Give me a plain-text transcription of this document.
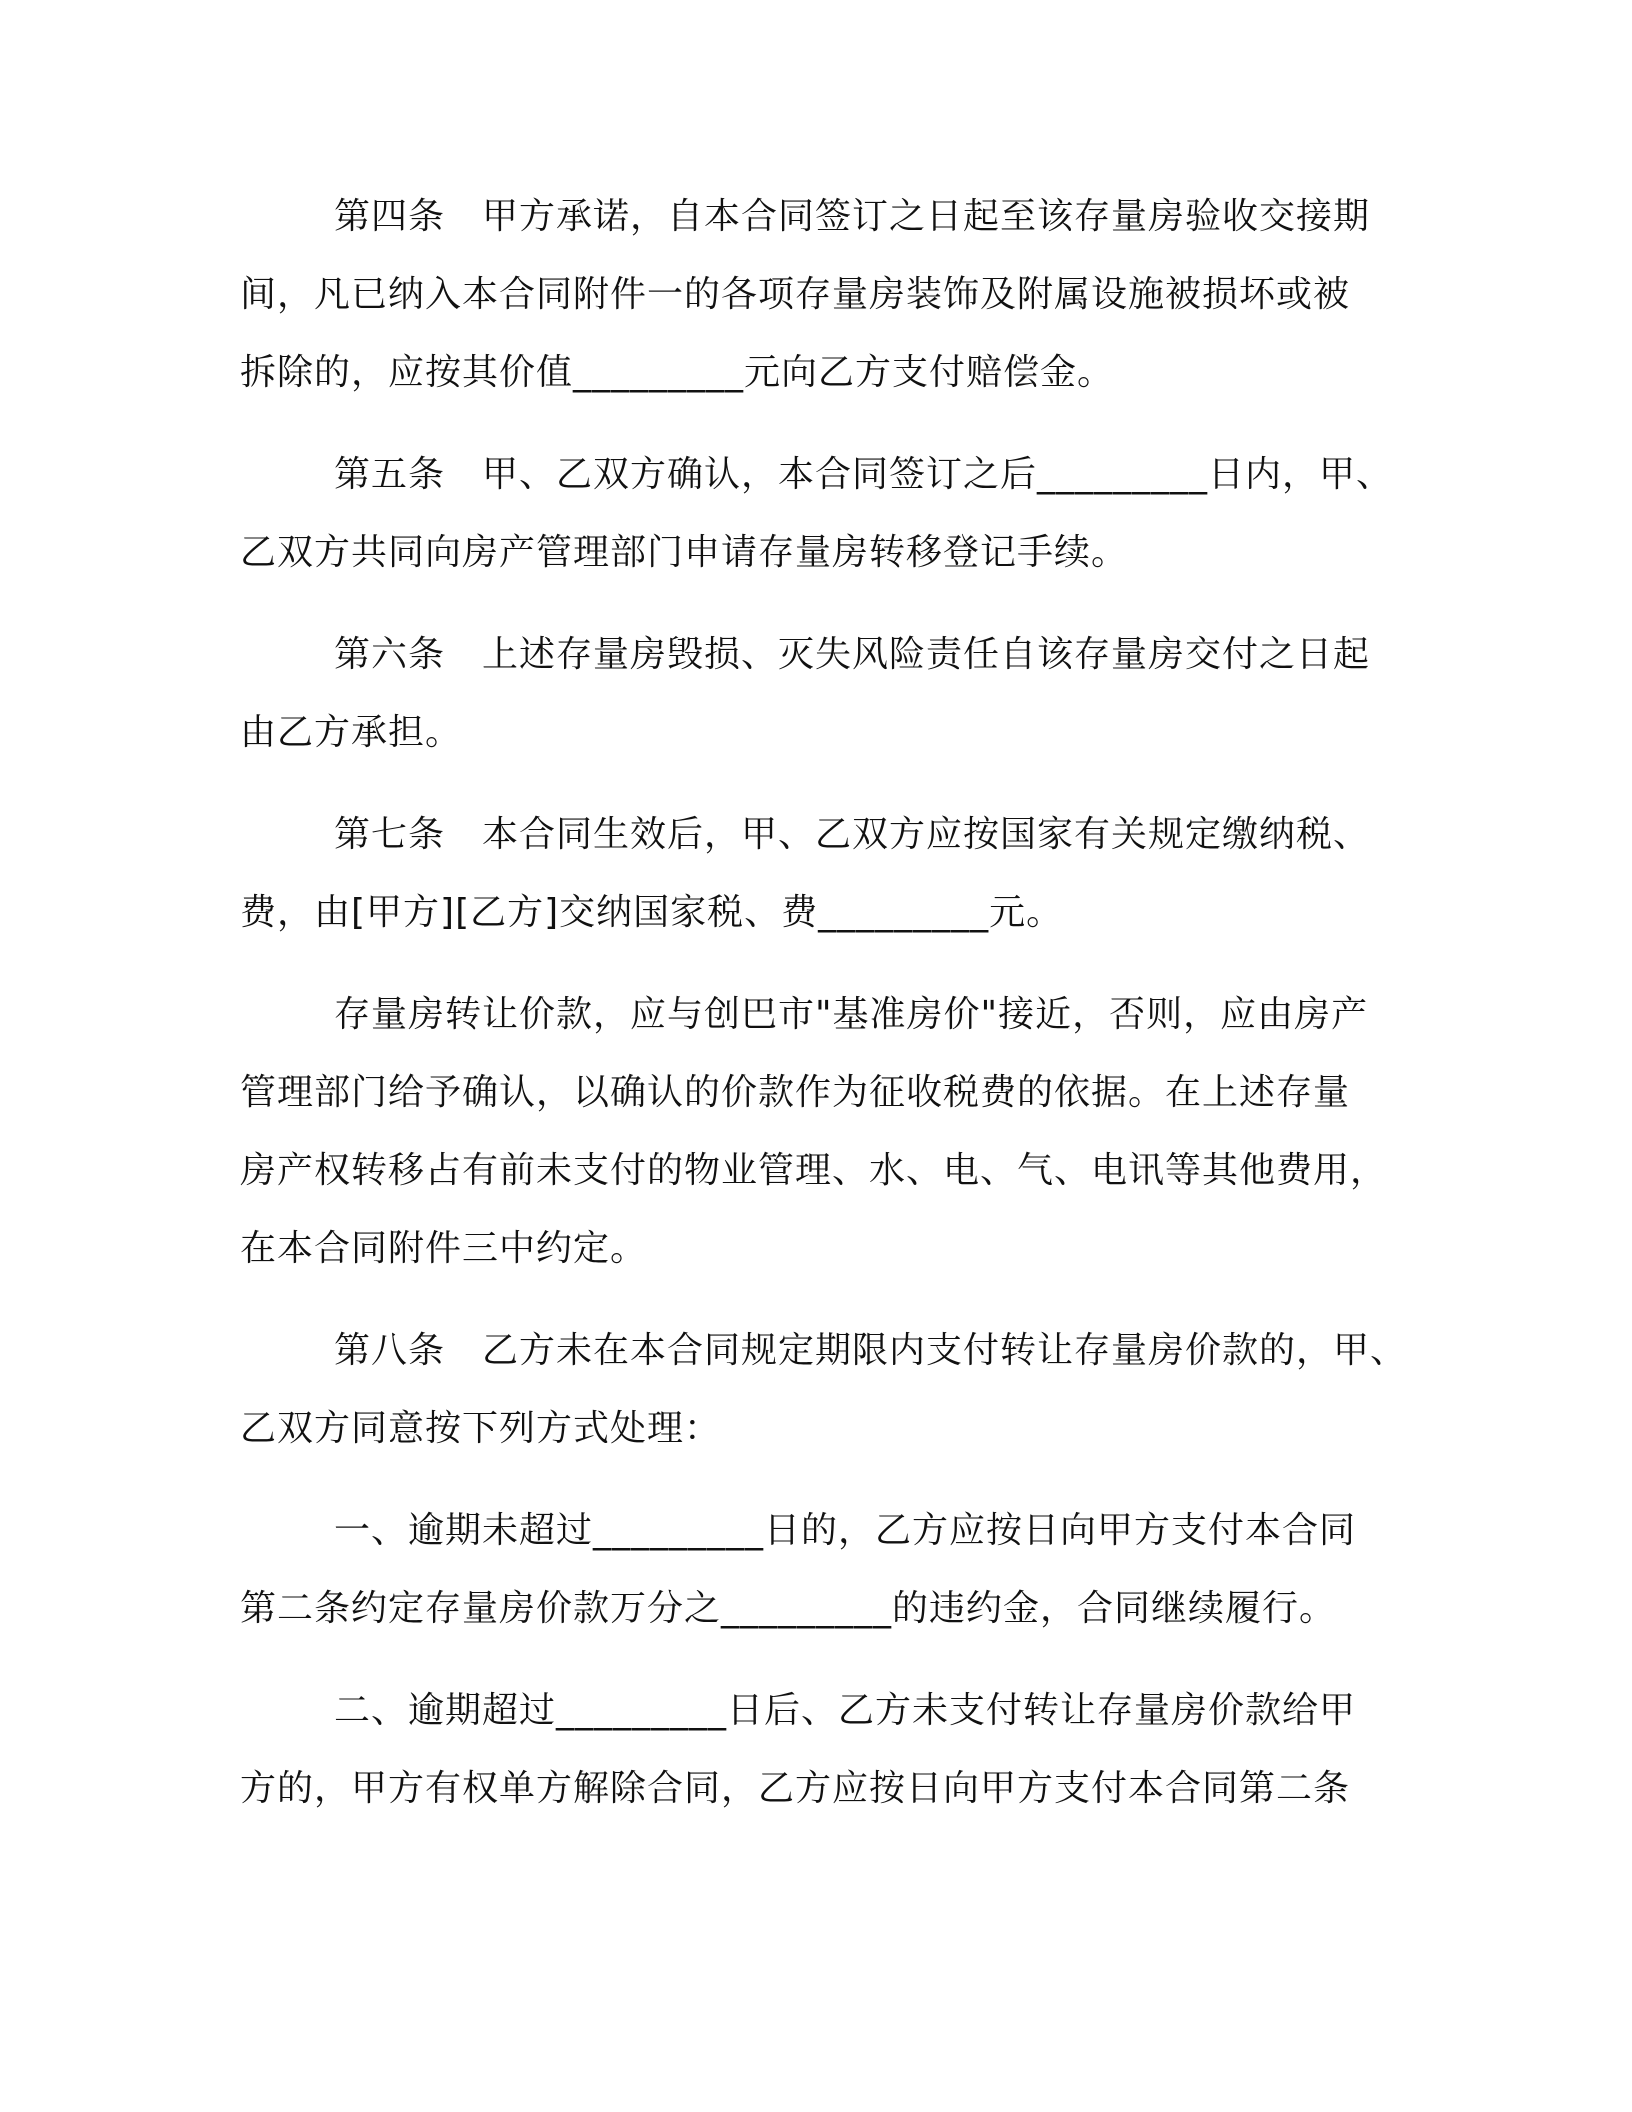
第四条　甲方承诺，自本合同签订之日起至该存量房验收交接期
间，凡已纳入本合同附件一的各项存量房装饰及附属设施被损坏或被
拆除的，应按其价值_________元向乙方支付赔偿金。

第五条　甲、乙双方确认，本合同签订之后_________日内，甲、
乙双方共同向房产管理部门申请存量房转移登记手续。

第六条　上述存量房毁损、灭失风险责任自该存量房交付之日起
由乙方承担。

第七条　本合同生效后，甲、乙双方应按国家有关规定缴纳税、
费，由[甲方][乙方]交纳国家税、费_________元。

存量房转让价款，应与创巴市"基准房价"接近，否则，应由房产
管理部门给予确认，以确认的价款作为征收税费的依据。在上述存量
房产权转移占有前未支付的物业管理、水、电、气、电讯等其他费用，
在本合同附件三中约定。

第八条　乙方未在本合同规定期限内支付转让存量房价款的，甲、
乙双方同意按下列方式处理：

一、逾期未超过_________日的，乙方应按日向甲方支付本合同
第二条约定存量房价款万分之_________的违约金，合同继续履行。

二、逾期超过_________日后、乙方未支付转让存量房价款给甲
方的，甲方有权单方解除合同，乙方应按日向甲方支付本合同第二条
